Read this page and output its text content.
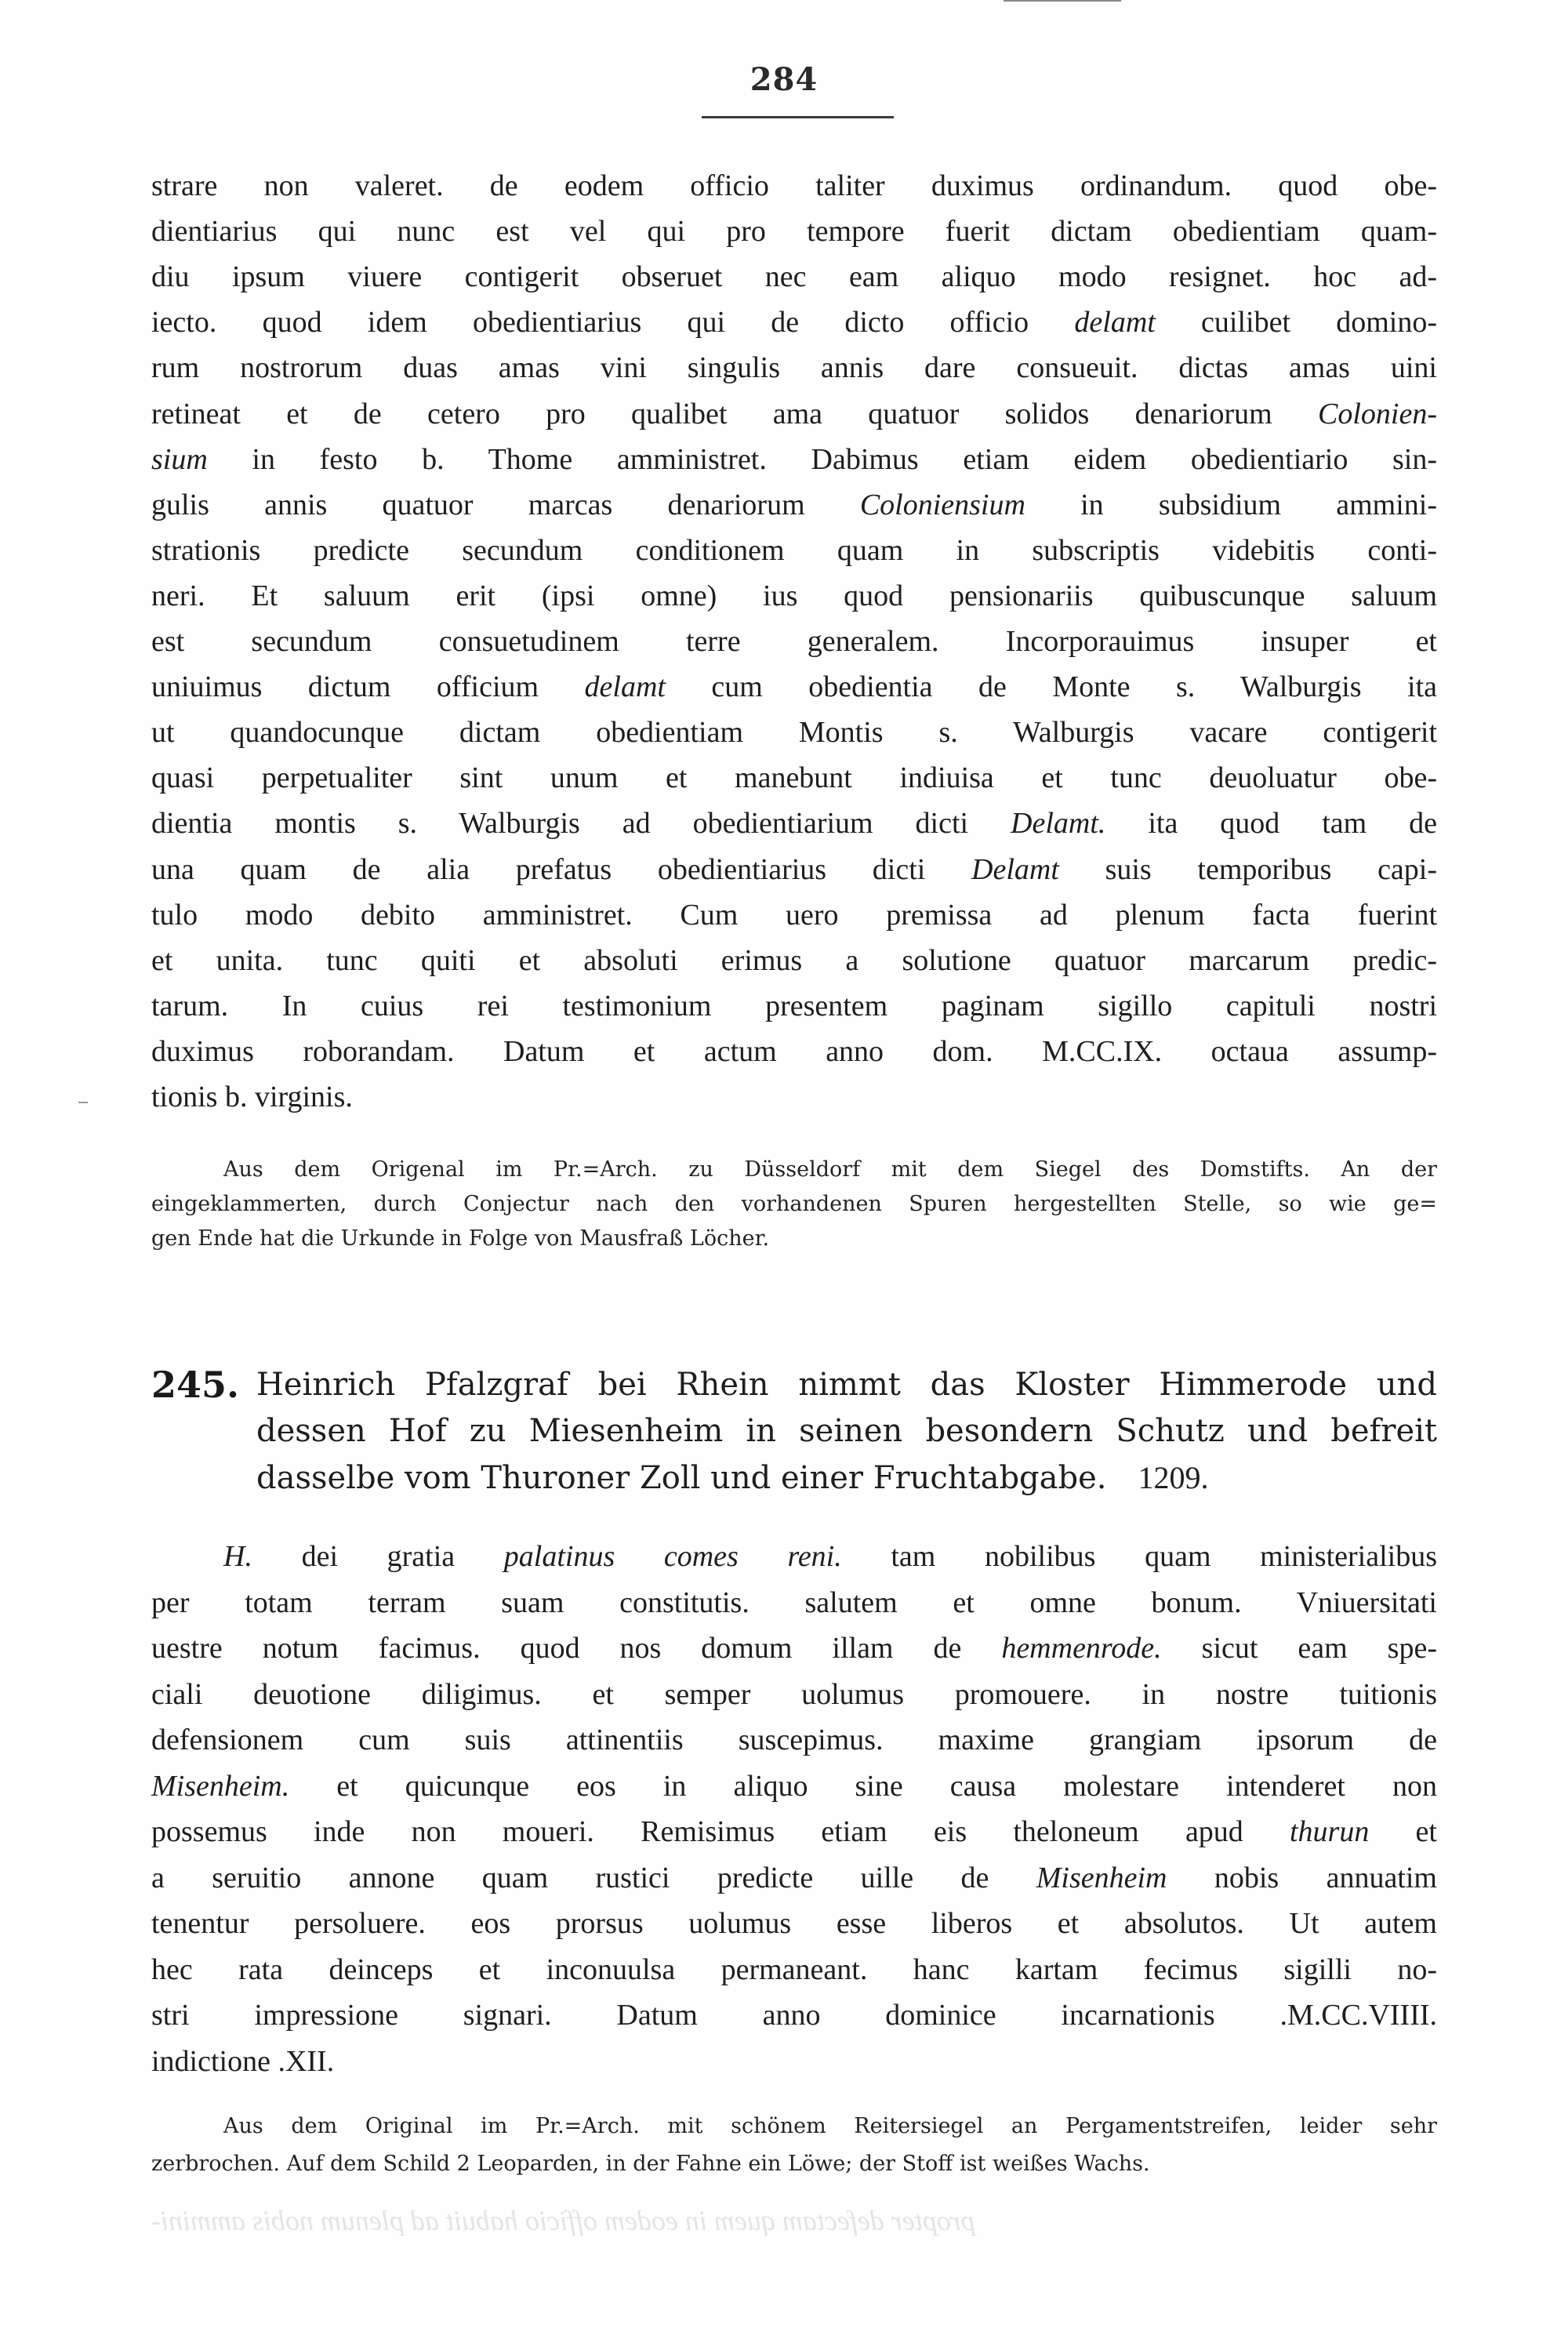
284
strare non valeret. de eodem officio taliter duximus ordinandum. quod obe-
dientiarius qui nunc est vel qui pro tempore fuerit dictam obedientiam quam-
diu ipsum viuere contigerit obseruet nec eam aliquo modo resignet. hoc ad-
iecto. quod idem obedientiarius qui de dicto officio delamt cuilibet domino-
rum nostrorum duas amas vini singulis annis dare consueuit. dictas amas uini
retineat et de cetero pro qualibet ama quatuor solidos denariorum Colonien-
sium in festo b. Thome amministret. Dabimus etiam eidem obedientiario sin-
gulis annis quatuor marcas denariorum Coloniensium in subsidium ammini-
strationis predicte secundum conditionem quam in subscriptis videbitis conti-
neri. Et saluum erit (ipsi omne) ius quod pensionariis quibuscunque saluum
est secundum consuetudinem terre generalem. Incorporauimus insuper et
uniuimus dictum officium delamt cum obedientia de Monte s. Walburgis ita
ut quandocunque dictam obedientiam Montis s. Walburgis vacare contigerit
quasi perpetualiter sint unum et manebunt indiuisa et tunc deuoluatur obe-
dientia montis s. Walburgis ad obedientiarium dicti Delamt. ita quod tam de
una quam de alia prefatus obedientiarius dicti Delamt suis temporibus capi-
tulo modo debito amministret. Cum uero premissa ad plenum facta fuerint
et unita. tunc quiti et absoluti erimus a solutione quatuor marcarum predic-
tarum. In cuius rei testimonium presentem paginam sigillo capituli nostri
duximus roborandam. Datum et actum anno dom. M.CC.IX. octaua assump-
tionis b. virginis.
Aus dem Origenal im Pr.=Arch. zu Düsseldorf mit dem Siegel des Domstifts. An der
eingeklammerten, durch Conjectur nach den vorhandenen Spuren hergestellten Stelle, so wie ge=
gen Ende hat die Urkunde in Folge von Mausfraß Löcher.
245. Heinrich Pfalzgraf bei Rhein nimmt das Kloster Himmerode und
dessen Hof zu Miesenheim in seinen besondern Schutz und befreit
dasselbe vom Thuroner Zoll und einer Fruchtabgabe. 1209.
H. dei gratia palatinus comes reni. tam nobilibus quam ministerialibus
per totam terram suam constitutis. salutem et omne bonum. Vniuersitati
uestre notum facimus. quod nos domum illam de hemmenrode. sicut eam spe-
ciali deuotione diligimus. et semper uolumus promouere. in nostre tuitionis
defensionem cum suis attinentiis suscepimus. maxime grangiam ipsorum de
Misenheim. et quicunque eos in aliquo sine causa molestare intenderet non
possemus inde non moueri. Remisimus etiam eis theloneum apud thurun et
a seruitio annone quam rustici predicte uille de Misenheim nobis annuatim
tenentur persoluere. eos prorsus uolumus esse liberos et absolutos. Ut autem
hec rata deinceps et inconuulsa permaneant. hanc kartam fecimus sigilli no-
stri impressione signari. Datum anno dominice incarnationis .M.CC.VIIII.
indictione .XII.
Aus dem Original im Pr.=Arch. mit schönem Reitersiegel an Pergamentstreifen, leider sehr
zerbrochen. Auf dem Schild 2 Leoparden, in der Fahne ein Löwe; der Stoff ist weißes Wachs.
propter defectam quem in eodem officio habuit ad plenum nobis ammini-
